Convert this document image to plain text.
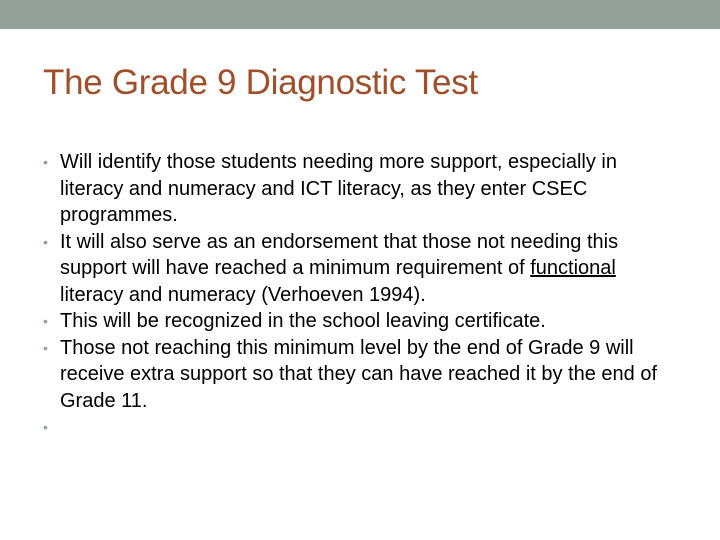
The Grade 9 Diagnostic Test
• Will identify those students needing more support, especially in literacy and numeracy and ICT literacy, as they enter CSEC programmes.
• It will also serve as an endorsement that those not needing this support will have reached a minimum requirement of functional literacy and numeracy (Verhoeven 1994).
• This will be recognized in the school leaving certificate.
• Those not reaching this minimum level by the end of Grade 9 will receive extra support so that they can have reached it by the end of Grade 11.
•
